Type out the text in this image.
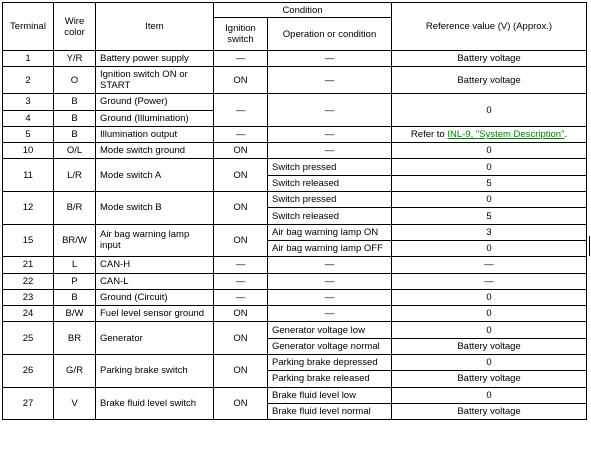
Terminal	Wire color	Item	Condition		Reference value (V) (Approx.)
			Ignition switch	Operation or condition	
1	Y/R	Battery power supply	—	—	Battery voltage
2	O	Ignition switch ON or START	ON	—	Battery voltage
3	B	Ground (Power)	—	—	0
4	B	Ground (Illumination)			
5	B	Illumination output	—	—	Refer to INL-9, "System Description".
10	O/L	Mode switch ground	ON	—	0
11	L/R	Mode switch A	ON	Switch pressed	0
				Switch released	5
12	B/R	Mode switch B	ON	Switch pressed	0
				Switch released	5
15	BR/W	Air bag warning lamp input	ON	Air bag warning lamp ON	3
				Air bag warning lamp OFF	0
21	L	CAN-H	—	—	—
22	P	CAN-L	—	—	—
23	B	Ground (Circuit)	—	—	0
24	B/W	Fuel level sensor ground	ON	—	0
25	BR	Generator	ON	Generator voltage low	0
				Generator voltage normal	Battery voltage
26	G/R	Parking brake switch	ON	Parking brake depressed	0
				Parking brake released	Battery voltage
27	V	Brake fluid level switch	ON	Brake fluid level low	0
				Brake fluid level normal	Battery voltage
